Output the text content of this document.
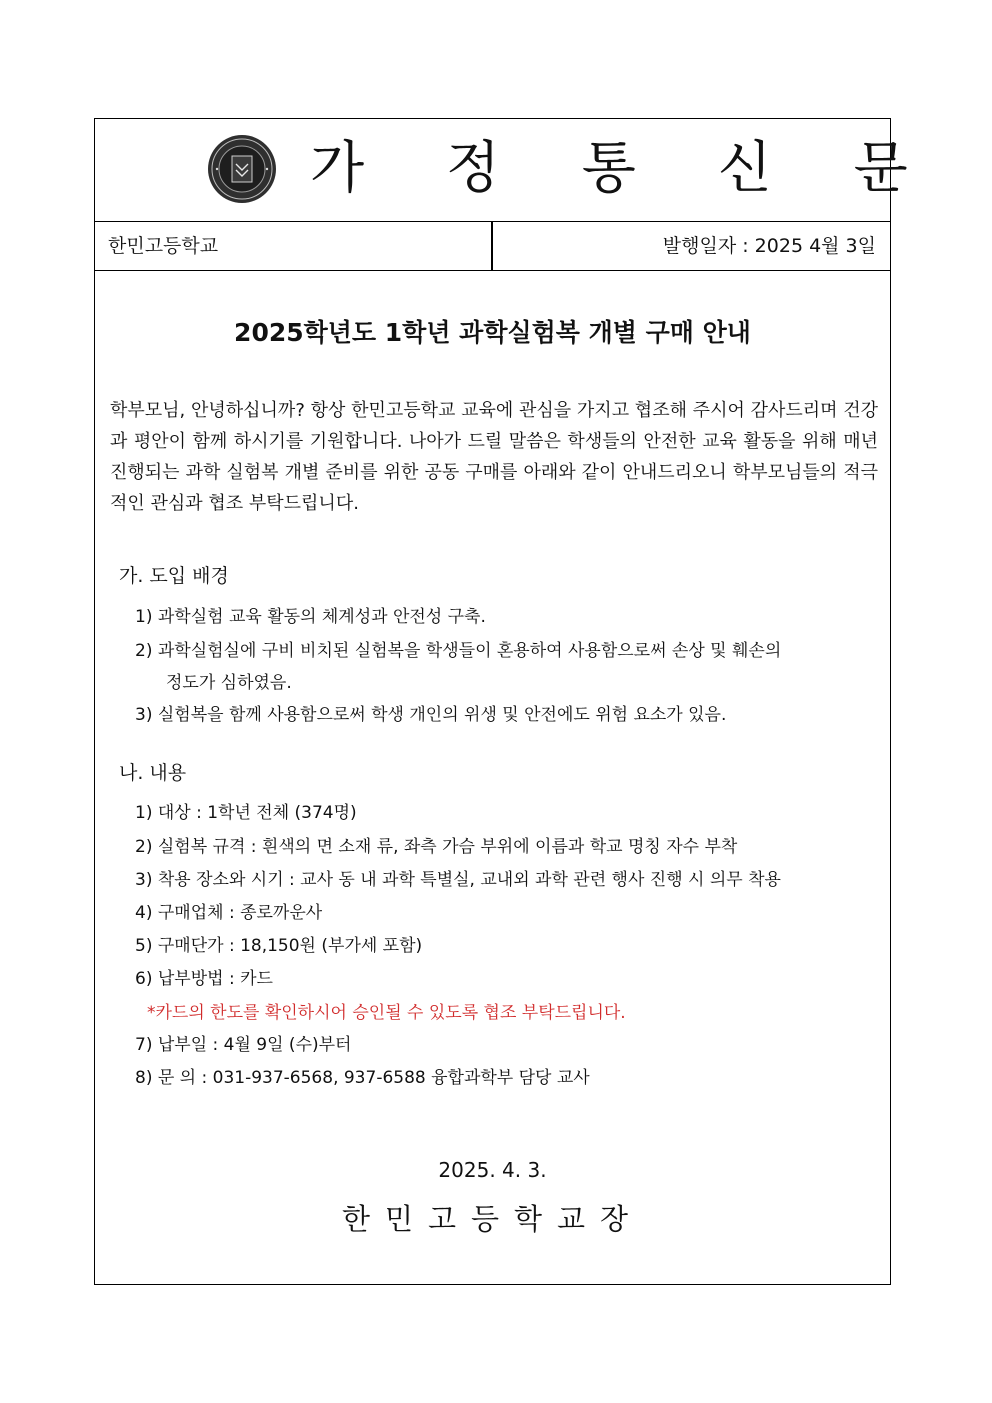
가 정 통 신 문
한민고등학교	발행일자 : 2025 4월 3일
2025학년도 1학년 과학실험복 개별 구매 안내

학부모님, 안녕하십니까? 항상 한민고등학교 교육에 관심을 가지고 협조해 주시어 감사드리며 건강과 평안이 함께 하시기를 기원합니다. 나아가 드릴 말씀은 학생들의 안전한 교육 활동을 위해 매년 진행되는 과학 실험복 개별 준비를 위한 공동 구매를 아래와 같이 안내드리오니 학부모님들의 적극적인 관심과 협조 부탁드립니다.

가. 도입 배경
1) 과학실험 교육 활동의 체계성과 안전성 구축.
2) 과학실험실에 구비 비치된 실험복을 학생들이 혼용하여 사용함으로써 손상 및 훼손의
정도가 심하였음.
3) 실험복을 함께 사용함으로써 학생 개인의 위생 및 안전에도 위험 요소가 있음.
나. 내용
1) 대상 : 1학년 전체 (374명)
2) 실험복 규격 : 흰색의 면 소재 류, 좌측 가슴 부위에 이름과 학교 명칭 자수 부착
3) 착용 장소와 시기 : 교사 동 내 과학 특별실, 교내외 과학 관련 행사 진행 시 의무 착용
4) 구매업체 : 종로까운사
5) 구매단가 : 18,150원 (부가세 포함)
6) 납부방법 : 카드
*카드의 한도를 확인하시어 승인될 수 있도록 협조 부탁드립니다.
7) 납부일 : 4월 9일 (수)부터
8) 문 의 : 031-937-6568, 937-6588 융합과학부 담당 교사
2025. 4. 3.
한민고등학교장
